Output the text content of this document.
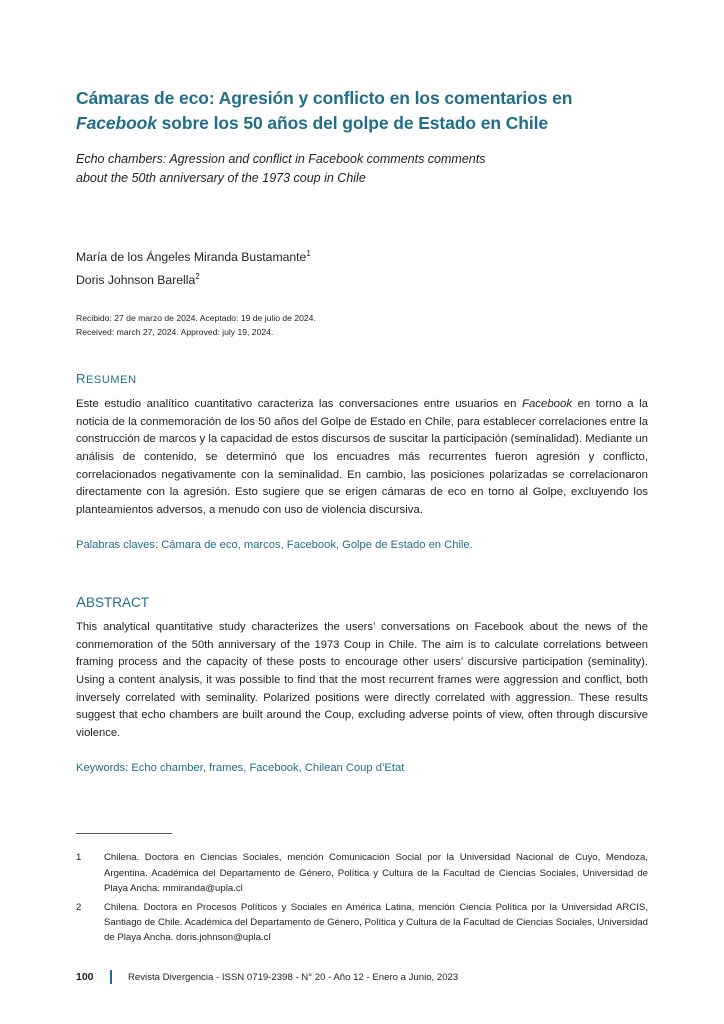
Cámaras de eco: Agresión y conflicto en los comentarios en
Facebook sobre los 50 años del golpe de Estado en Chile

Echo chambers: Agression and conflict in Facebook comments comments
about the 50th anniversary of the 1973 coup in Chile

María de los Ángeles Miranda Bustamante$^1$
Doris Johnson Barella$^2$
Recibido: 27 de marzo de 2024. Aceptado: 19 de julio de 2024.
Received: march 27, 2024. Approved: july 19, 2024.
RESUMEN

Este estudio analítico cuantitativo caracteriza las conversaciones entre usuarios en Facebook en torno a la noticia de la conmemoración de los 50 años del Golpe de Estado en Chile, para establecer correlaciones entre la construcción de marcos y la capacidad de estos discursos de suscitar la participación (seminalidad). Mediante un análisis de contenido, se determinó que los encuadres más recurrentes fueron agresión y conflicto, correlacionados negativamente con la seminalidad. En cambio, las posiciones polarizadas se correlacionaron directamente con la agresión. Esto sugiere que se erigen cámaras de eco en torno al Golpe, excluyendo los planteamientos adversos, a menudo con uso de violencia discursiva.

Palabras claves: Cámara de eco, marcos, Facebook, Golpe de Estado en Chile.

ABSTRACT

This analytical quantitative study characterizes the users’ conversations on Facebook about the news of the conmemoration of the 50th anniversary of the 1973 Coup in Chile. The aim is to calculate correlations between framing process and the capacity of these posts to encourage other users’ discursive participation (seminality). Using a content analysis, it was possible to find that the most recurrent frames were aggression and conflict, both inversely correlated with seminality. Polarized positions were directly correlated with aggression. These results suggest that echo chambers are built around the Coup, excluding adverse points of view, often through discursive violence.

Keywords: Echo chamber, frames, Facebook, Chilean Coup d’Etat

1	Chilena. Doctora en Ciencias Sociales, mención Comunicación Social por la Universidad Nacional de Cuyo, Mendoza, Argentina. Académica del Departamento de Género, Política y Cultura de la Facultad de Ciencias Sociales, Universidad de Playa Ancha. mmiranda@upla.cl
2	Chilena. Doctora en Procesos Políticos y Sociales en América Latina, mención Ciencia Política por la Universidad ARCIS, Santiago de Chile. Académica del Departamento de Género, Política y Cultura de la Facultad de Ciencias Sociales, Universidad de Playa Ancha. doris.johnson@upla.cl
100	Revista Divergencia - ISSN 0719-2398 - N° 20 - Año 12 - Enero a Junio, 2023
